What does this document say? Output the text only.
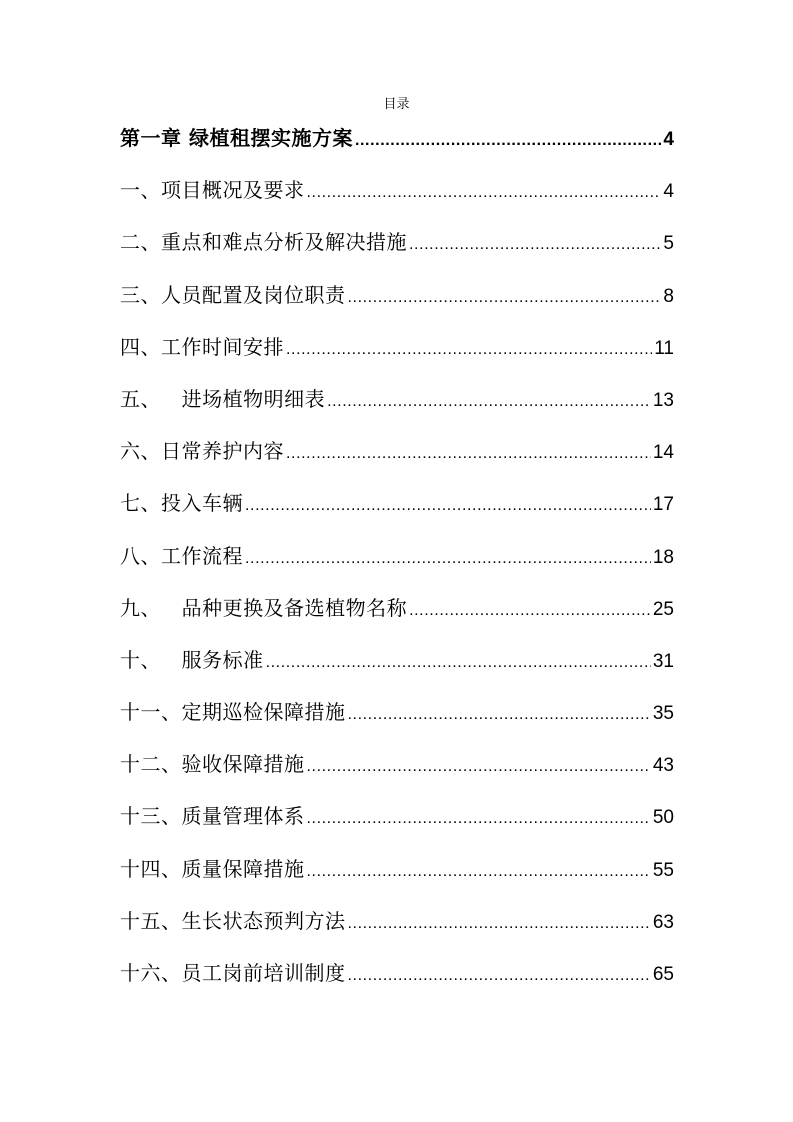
目录
第一章 绿植租摆实施方案 .....	4
一、项目概况及要求 .....	4
二、重点和难点分析及解决措施 .....	5
三、人员配置及岗位职责 .....	8
四、工作时间安排 .....	11
五、   进场植物明细表 .....	13
六、日常养护内容 .....	14
七、投入车辆 .....	17
八、工作流程 .....	18
九、   品种更换及备选植物名称 .....	25
十、   服务标准 .....	31
十一、定期巡检保障措施 .....	35
十二、验收保障措施 .....	43
十三、质量管理体系 .....	50
十四、质量保障措施 .....	55
十五、生长状态预判方法 .....	63
十六、员工岗前培训制度 .....	65
